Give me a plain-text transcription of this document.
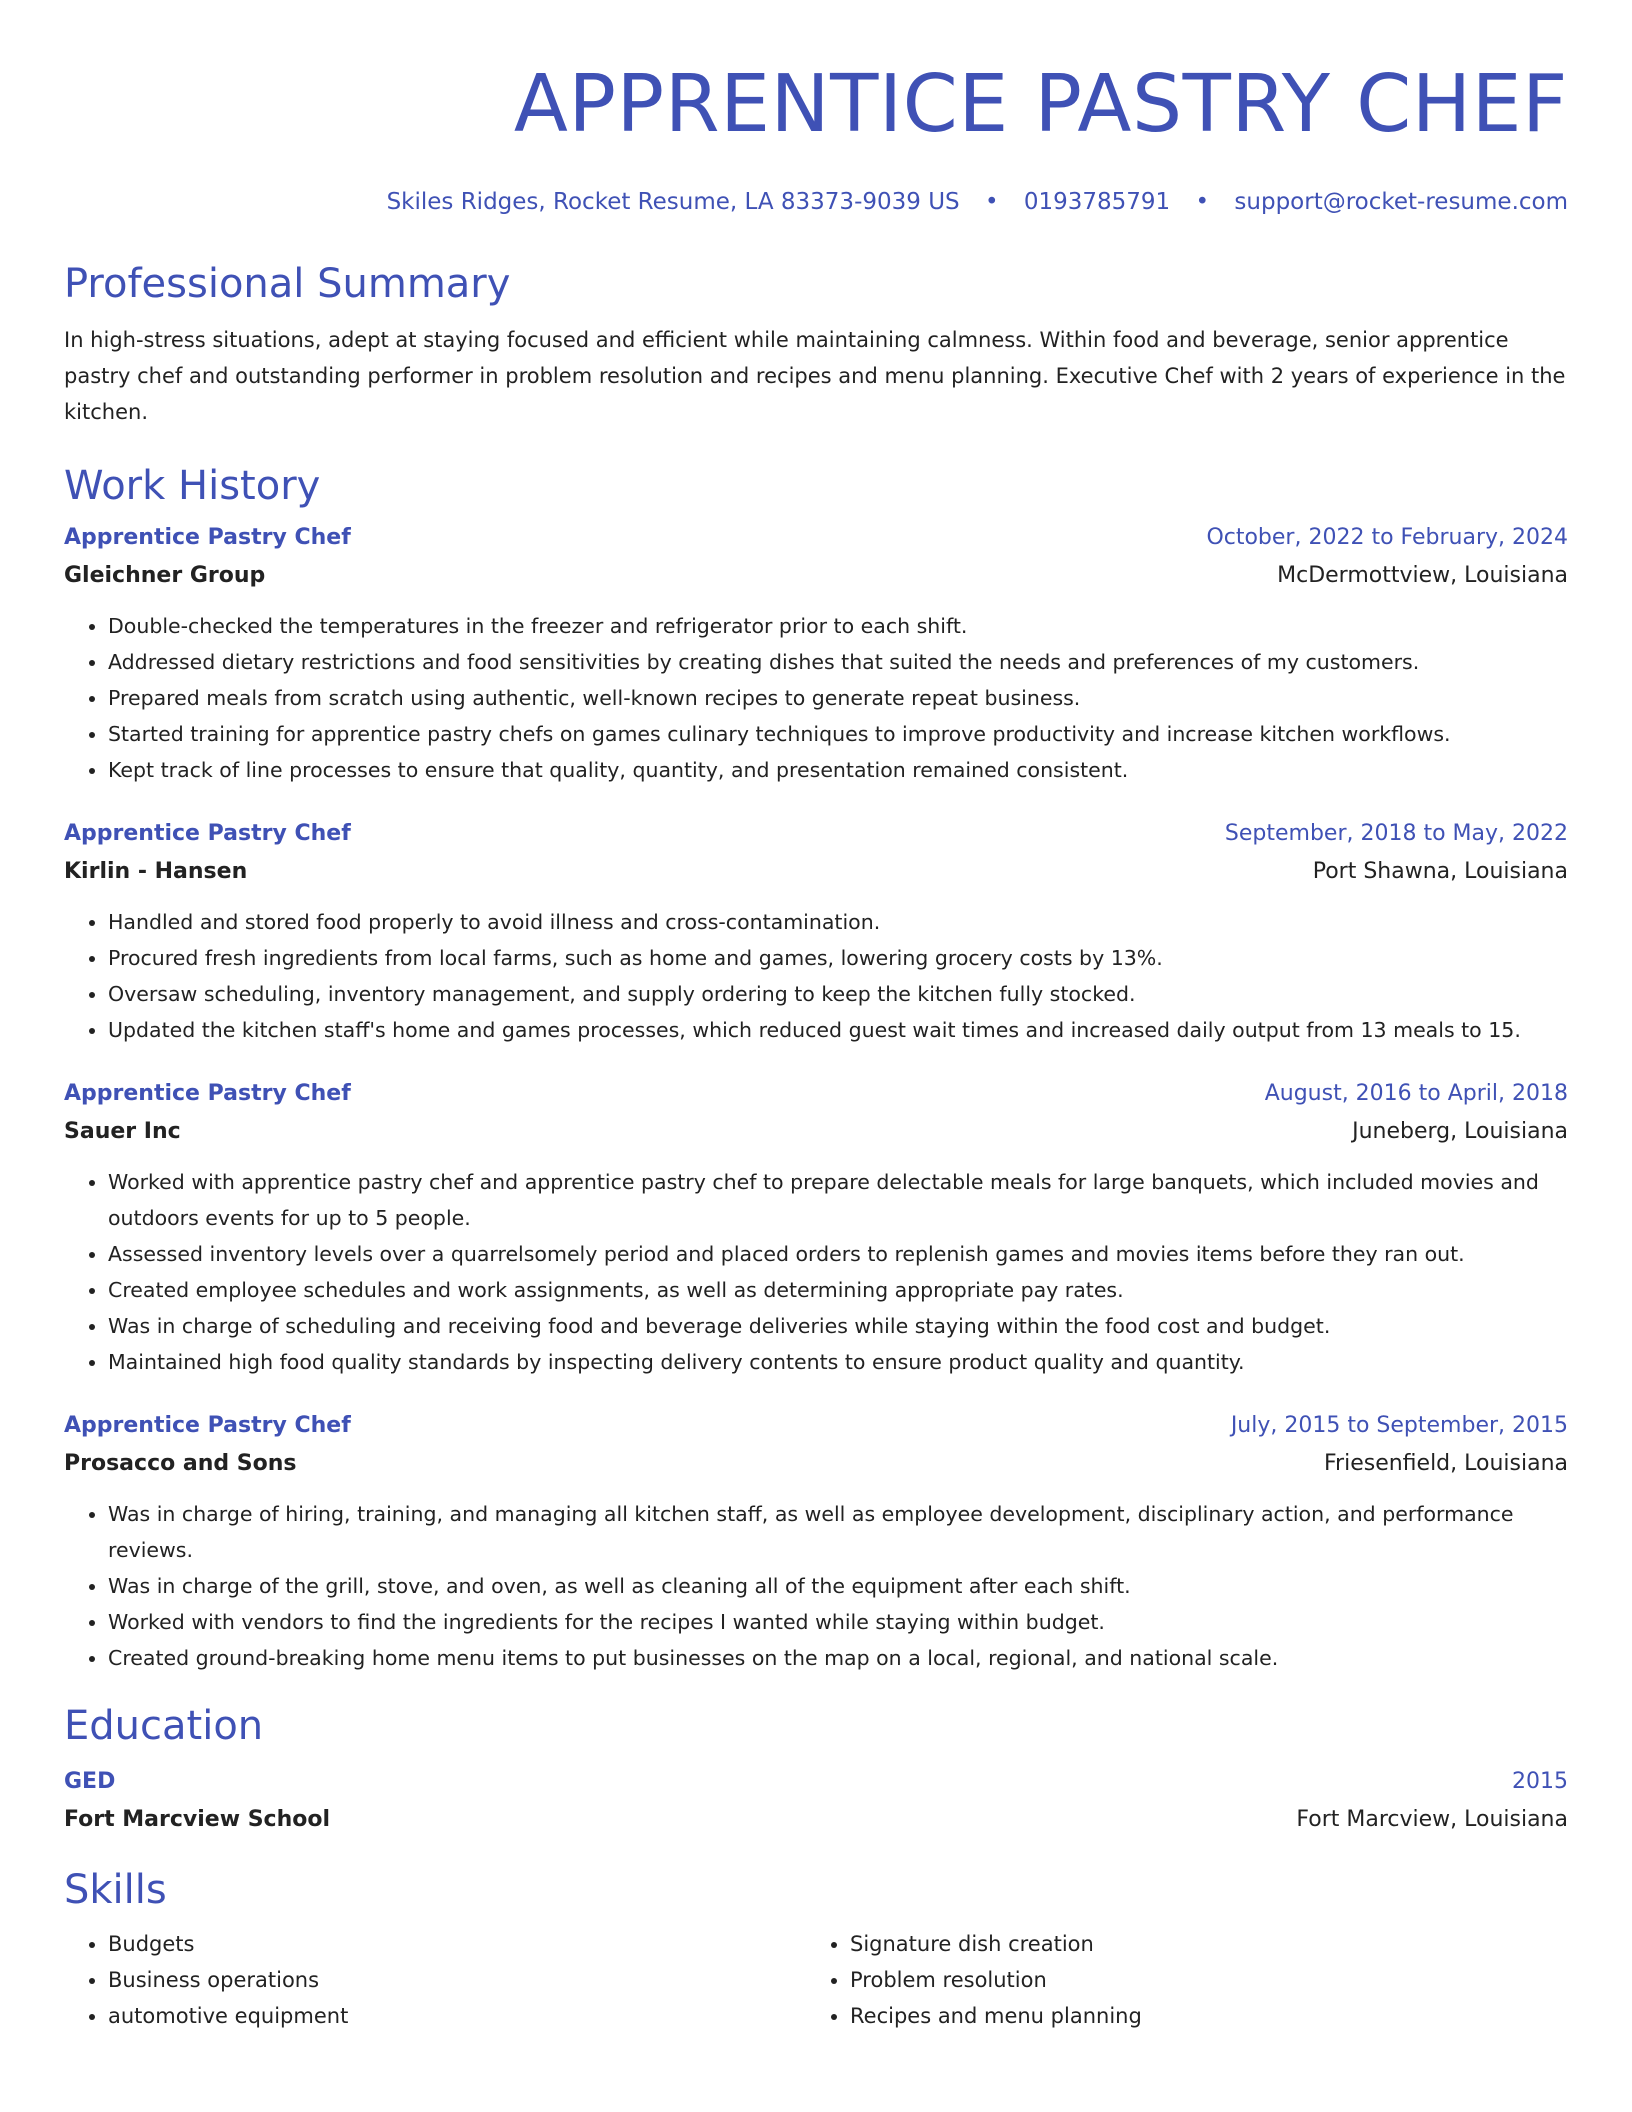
APPRENTICE PASTRY CHEF
Skiles Ridges, Rocket Resume, LA 83373-9039 US • 0193785791 • support@rocket-resume.com
Professional Summary
In high-stress situations, adept at staying focused and efficient while maintaining calmness. Within food and beverage, senior apprentice pastry chef and outstanding performer in problem resolution and recipes and menu planning. Executive Chef with 2 years of experience in the kitchen.
Work History
Apprentice Pastry Chef	October, 2022 to February, 2024
Gleichner Group	McDermottview, Louisiana
• Double-checked the temperatures in the freezer and refrigerator prior to each shift.
• Addressed dietary restrictions and food sensitivities by creating dishes that suited the needs and preferences of my customers.
• Prepared meals from scratch using authentic, well-known recipes to generate repeat business.
• Started training for apprentice pastry chefs on games culinary techniques to improve productivity and increase kitchen workflows.
• Kept track of line processes to ensure that quality, quantity, and presentation remained consistent.
Apprentice Pastry Chef	September, 2018 to May, 2022
Kirlin - Hansen	Port Shawna, Louisiana
• Handled and stored food properly to avoid illness and cross-contamination.
• Procured fresh ingredients from local farms, such as home and games, lowering grocery costs by 13%.
• Oversaw scheduling, inventory management, and supply ordering to keep the kitchen fully stocked.
• Updated the kitchen staff's home and games processes, which reduced guest wait times and increased daily output from 13 meals to 15.
Apprentice Pastry Chef	August, 2016 to April, 2018
Sauer Inc	Juneberg, Louisiana
• Worked with apprentice pastry chef and apprentice pastry chef to prepare delectable meals for large banquets, which included movies and outdoors events for up to 5 people.
• Assessed inventory levels over a quarrelsomely period and placed orders to replenish games and movies items before they ran out.
• Created employee schedules and work assignments, as well as determining appropriate pay rates.
• Was in charge of scheduling and receiving food and beverage deliveries while staying within the food cost and budget.
• Maintained high food quality standards by inspecting delivery contents to ensure product quality and quantity.
Apprentice Pastry Chef	July, 2015 to September, 2015
Prosacco and Sons	Friesenfield, Louisiana
• Was in charge of hiring, training, and managing all kitchen staff, as well as employee development, disciplinary action, and performance reviews.
• Was in charge of the grill, stove, and oven, as well as cleaning all of the equipment after each shift.
• Worked with vendors to find the ingredients for the recipes I wanted while staying within budget.
• Created ground-breaking home menu items to put businesses on the map on a local, regional, and national scale.
Education
GED	2015
Fort Marcview School	Fort Marcview, Louisiana
Skills
• Budgets
• Business operations
• automotive equipment
• Signature dish creation
• Problem resolution
• Recipes and menu planning
